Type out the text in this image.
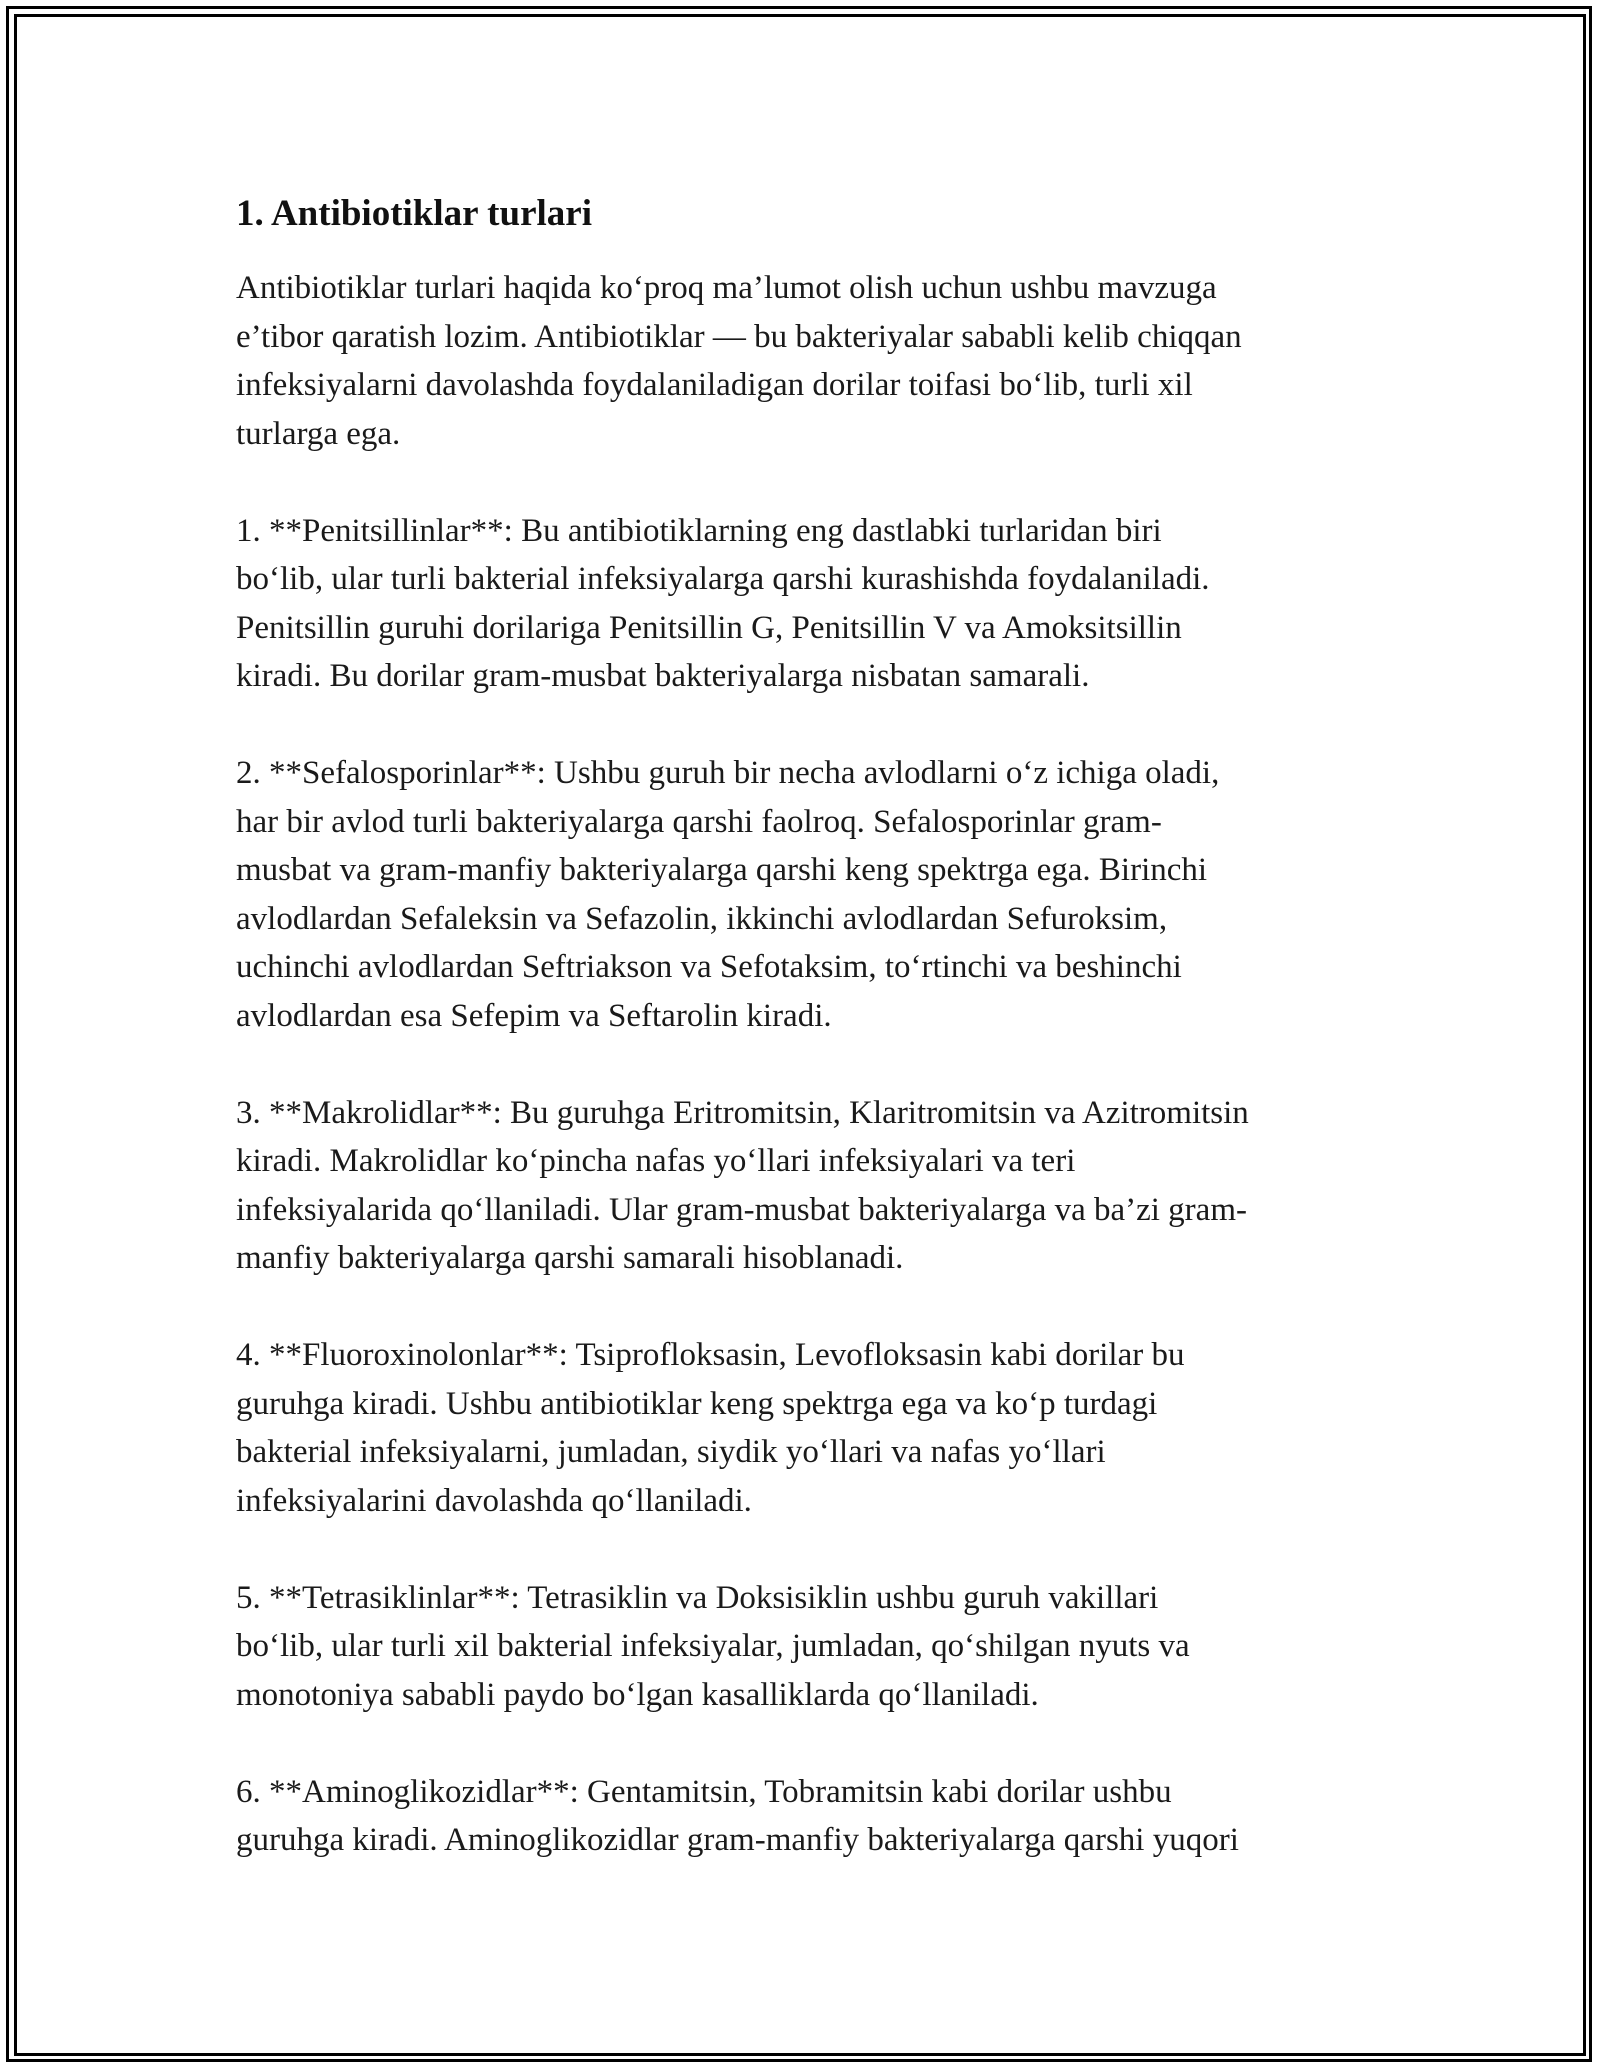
1. Antibiotiklar turlari

Antibiotiklar turlari haqida ko‘proq ma’lumot olish uchun ushbu mavzuga
e’tibor qaratish lozim. Antibiotiklar — bu bakteriyalar sababli kelib chiqqan
infeksiyalarni davolashda foydalaniladigan dorilar toifasi bo‘lib, turli xil
turlarga ega.

1. **Penitsillinlar**: Bu antibiotiklarning eng dastlabki turlaridan biri
bo‘lib, ular turli bakterial infeksiyalarga qarshi kurashishda foydalaniladi.
Penitsillin guruhi dorilariga Penitsillin G, Penitsillin V va Amoksitsillin
kiradi. Bu dorilar gram-musbat bakteriyalarga nisbatan samarali.

2. **Sefalosporinlar**: Ushbu guruh bir necha avlodlarni o‘z ichiga oladi,
har bir avlod turli bakteriyalarga qarshi faolroq. Sefalosporinlar gram-
musbat va gram-manfiy bakteriyalarga qarshi keng spektrga ega. Birinchi
avlodlardan Sefaleksin va Sefazolin, ikkinchi avlodlardan Sefuroksim,
uchinchi avlodlardan Seftriakson va Sefotaksim, to‘rtinchi va beshinchi
avlodlardan esa Sefepim va Seftarolin kiradi.

3. **Makrolidlar**: Bu guruhga Eritromitsin, Klaritromitsin va Azitromitsin
kiradi. Makrolidlar ko‘pincha nafas yo‘llari infeksiyalari va teri
infeksiyalarida qo‘llaniladi. Ular gram-musbat bakteriyalarga va ba’zi gram-
manfiy bakteriyalarga qarshi samarali hisoblanadi.

4. **Fluoroxinolonlar**: Tsiprofloksasin, Levofloksasin kabi dorilar bu
guruhga kiradi. Ushbu antibiotiklar keng spektrga ega va ko‘p turdagi
bakterial infeksiyalarni, jumladan, siydik yo‘llari va nafas yo‘llari
infeksiyalarini davolashda qo‘llaniladi.

5. **Tetrasiklinlar**: Tetrasiklin va Doksisiklin ushbu guruh vakillari
bo‘lib, ular turli xil bakterial infeksiyalar, jumladan, qo‘shilgan nyuts va
monotoniya sababli paydo bo‘lgan kasalliklarda qo‘llaniladi.

6. **Aminoglikozidlar**: Gentamitsin, Tobramitsin kabi dorilar ushbu
guruhga kiradi. Aminoglikozidlar gram-manfiy bakteriyalarga qarshi yuqori
